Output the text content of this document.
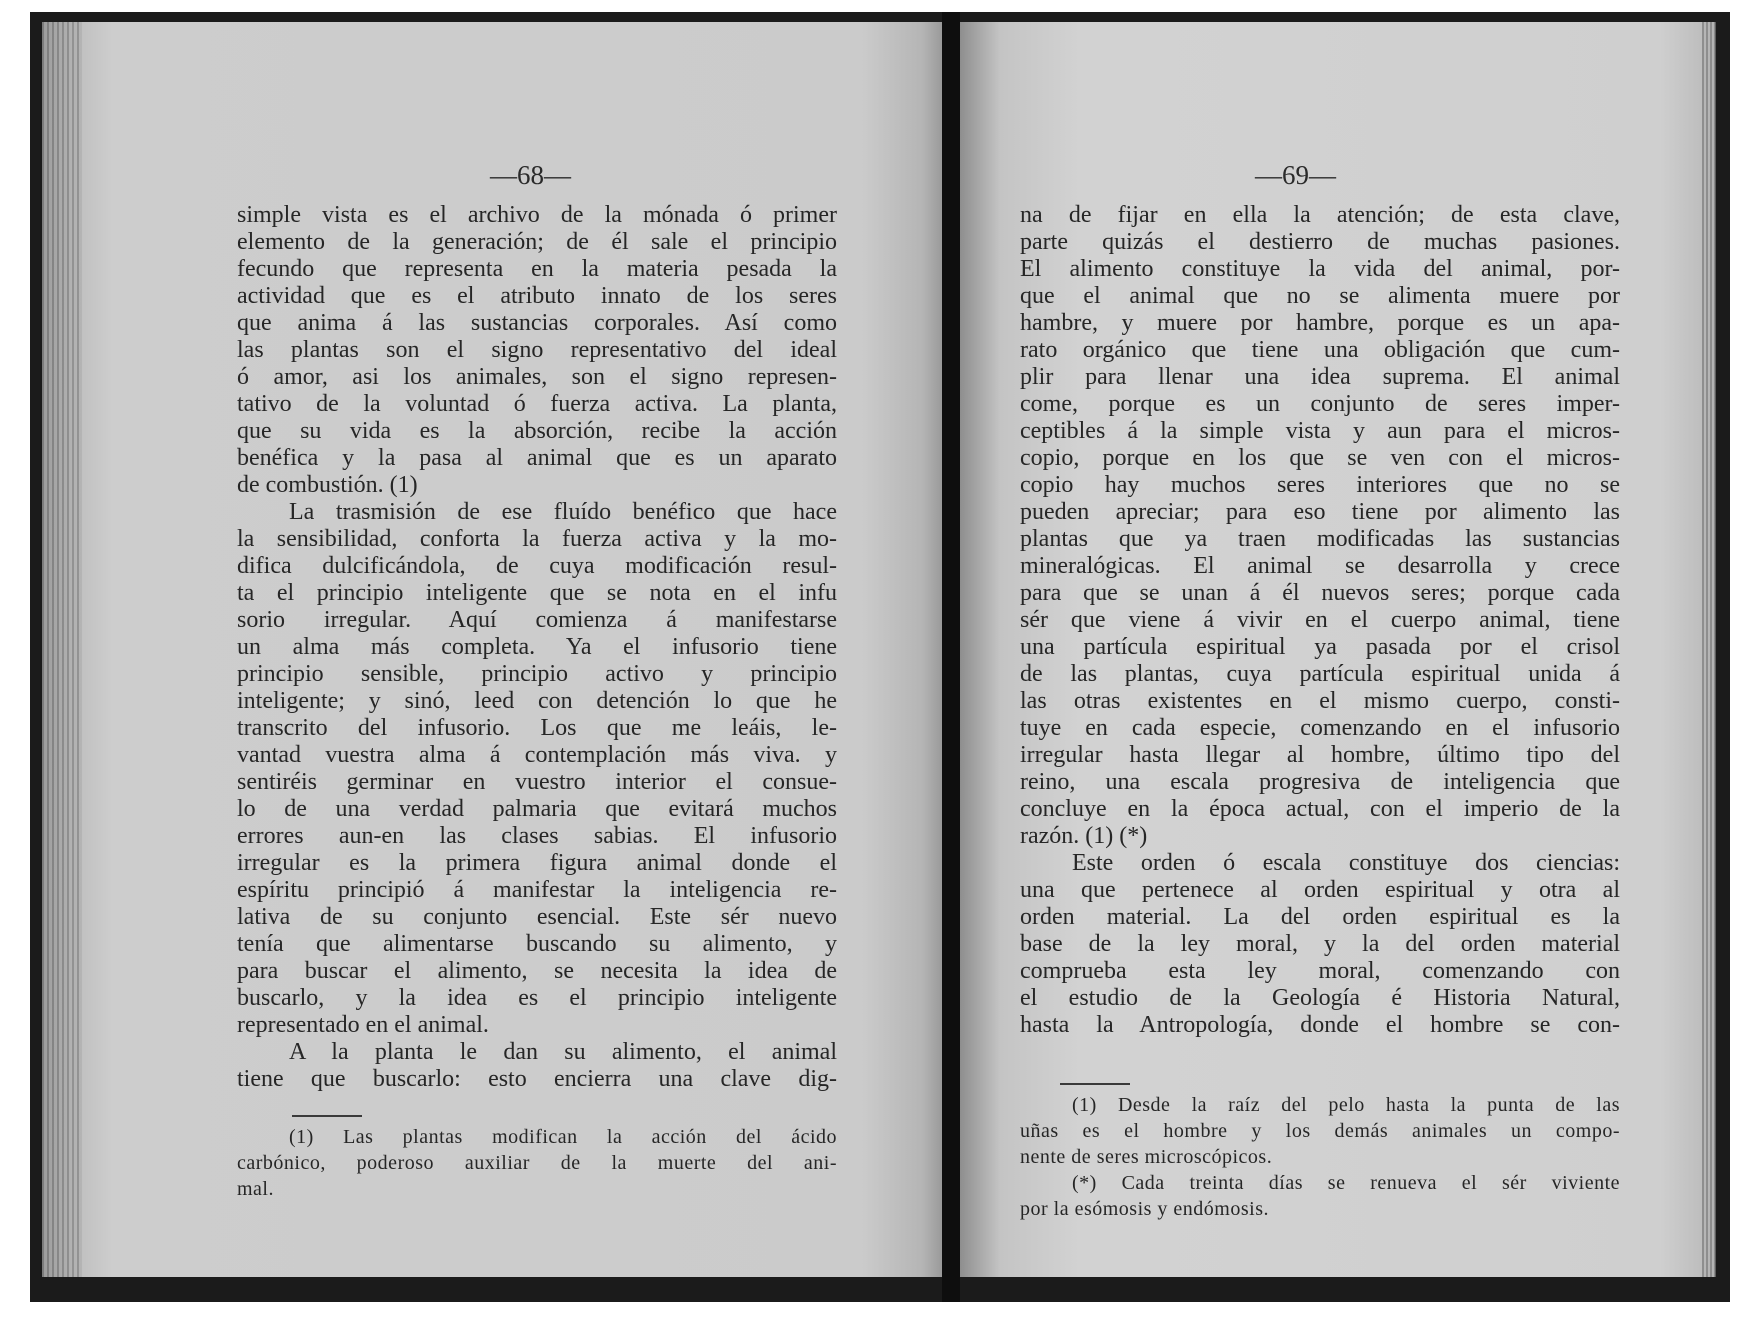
—68—
simple vista es el archivo de la mónada ó primer
elemento de la generación; de él sale el principio
fecundo que representa en la materia pesada la
actividad que es el atributo innato de los seres
que anima á las sustancias corporales. Así como
las plantas son el signo representativo del ideal
ó amor, asi los animales, son el signo represen-
tativo de la voluntad ó fuerza activa. La planta,
que su vida es la absorción, recibe la acción
benéfica y la pasa al animal que es un aparato
de combustión. (1)
La trasmisión de ese fluído benéfico que hace
la sensibilidad, conforta la fuerza activa y la mo-
difica dulcificándola, de cuya modificación resul-
ta el principio inteligente que se nota en el infu
sorio irregular. Aquí comienza á manifestarse
un alma más completa. Ya el infusorio tiene
principio sensible, principio activo y principio
inteligente; y sinó, leed con detención lo que he
transcrito del infusorio. Los que me leáis, le-
vantad vuestra alma á contemplación más viva. y
sentiréis germinar en vuestro interior el consue-
lo de una verdad palmaria que evitará muchos
errores aun-en las clases sabias. El infusorio
irregular es la primera figura animal donde el
espíritu principió á manifestar la inteligencia re-
lativa de su conjunto esencial. Este sér nuevo
tenía que alimentarse buscando su alimento, y
para buscar el alimento, se necesita la idea de
buscarlo, y la idea es el principio inteligente
representado en el animal.
A la planta le dan su alimento, el animal
tiene que buscarlo: esto encierra una clave dig-
(1) Las plantas modifican la acción del ácido
carbónico, poderoso auxiliar de la muerte del ani-
mal.
—69—
na de fijar en ella la atención; de esta clave,
parte quizás el destierro de muchas pasiones.
El alimento constituye la vida del animal, por-
que el animal que no se alimenta muere por
hambre, y muere por hambre, porque es un apa-
rato orgánico que tiene una obligación que cum-
plir para llenar una idea suprema. El animal
come, porque es un conjunto de seres imper-
ceptibles á la simple vista y aun para el micros-
copio, porque en los que se ven con el micros-
copio hay muchos seres interiores que no se
pueden apreciar; para eso tiene por alimento las
plantas que ya traen modificadas las sustancias
mineralógicas. El animal se desarrolla y crece
para que se unan á él nuevos seres; porque cada
sér que viene á vivir en el cuerpo animal, tiene
una partícula espiritual ya pasada por el crisol
de las plantas, cuya partícula espiritual unida á
las otras existentes en el mismo cuerpo, consti-
tuye en cada especie, comenzando en el infusorio
irregular hasta llegar al hombre, último tipo del
reino, una escala progresiva de inteligencia que
concluye en la época actual, con el imperio de la
razón. (1) (*)
Este orden ó escala constituye dos ciencias:
una que pertenece al orden espiritual y otra al
orden material. La del orden espiritual es la
base de la ley moral, y la del orden material
comprueba esta ley moral, comenzando con
el estudio de la Geología é Historia Natural,
hasta la Antropología, donde el hombre se con-
(1) Desde la raíz del pelo hasta la punta de las
uñas es el hombre y los demás animales un compo-
nente de seres microscópicos.
(*) Cada treinta días se renueva el sér viviente
por la esómosis y endómosis.
